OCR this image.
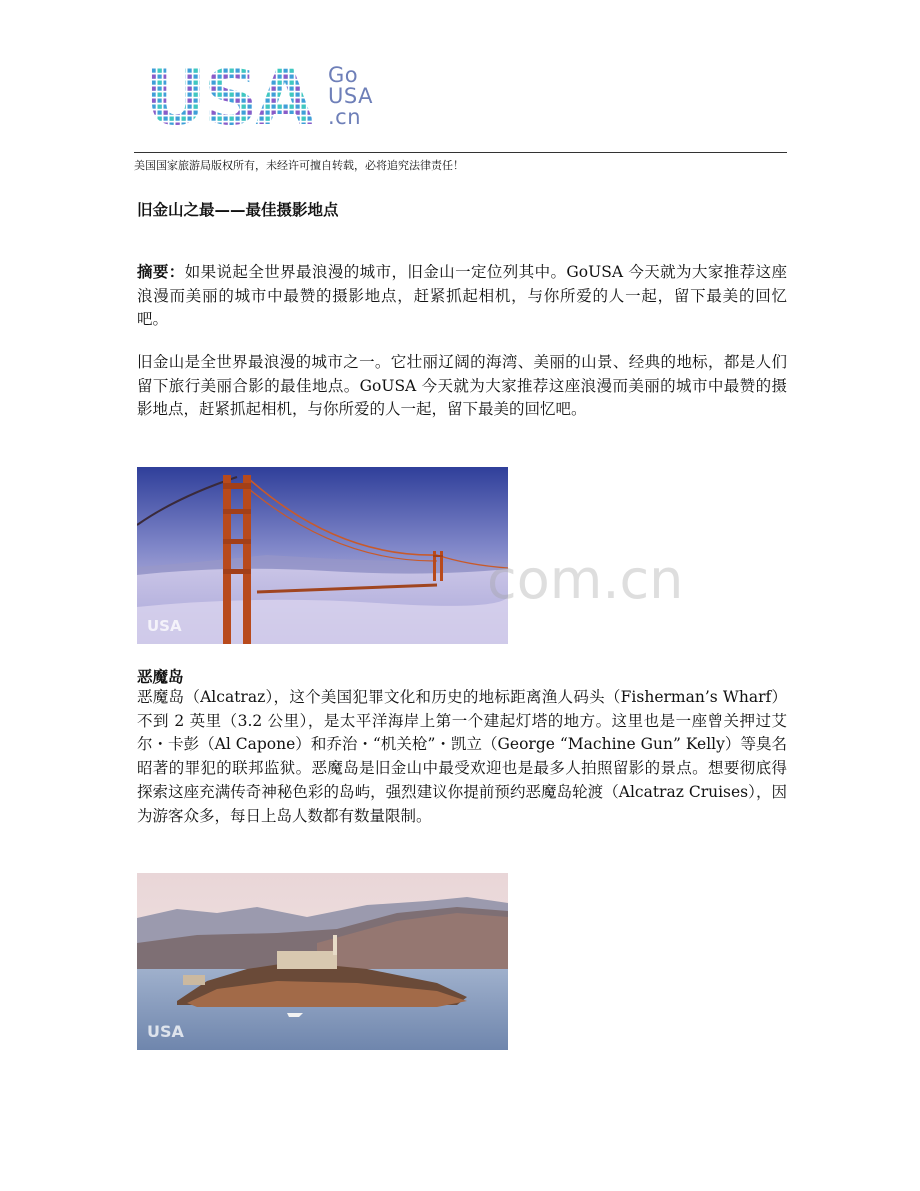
Go
USA
.cn
美国国家旅游局版权所有，未经许可擅自转载，必将追究法律责任！
旧金山之最——最佳摄影地点

摘要：如果说起全世界最浪漫的城市，旧金山一定位列其中。GoUSA 今天就为大家推荐这座浪漫而美丽的城市中最赞的摄影地点，赶紧抓起相机，与你所爱的人一起，留下最美的回忆吧。

旧金山是全世界最浪漫的城市之一。它壮丽辽阔的海湾、美丽的山景、经典的地标，都是人们留下旅行美丽合影的最佳地点。GoUSA 今天就为大家推荐这座浪漫而美丽的城市中最赞的摄影地点，赶紧抓起相机，与你所爱的人一起，留下最美的回忆吧。

USA
恶魔岛

恶魔岛（Alcatraz），这个美国犯罪文化和历史的地标距离渔人码头（Fisherman’s Wharf）不到 2 英里（3.2 公里），是太平洋海岸上第一个建起灯塔的地方。这里也是一座曾关押过艾尔・卡彭（Al Capone）和乔治・“机关枪”・凯立（George “Machine Gun” Kelly）等臭名昭著的罪犯的联邦监狱。恶魔岛是旧金山中最受欢迎也是最多人拍照留影的景点。想要彻底得探索这座充满传奇神秘色彩的岛屿，强烈建议你提前预约恶魔岛轮渡（Alcatraz Cruises），因为游客众多，每日上岛人数都有数量限制。

USA
com.cn
